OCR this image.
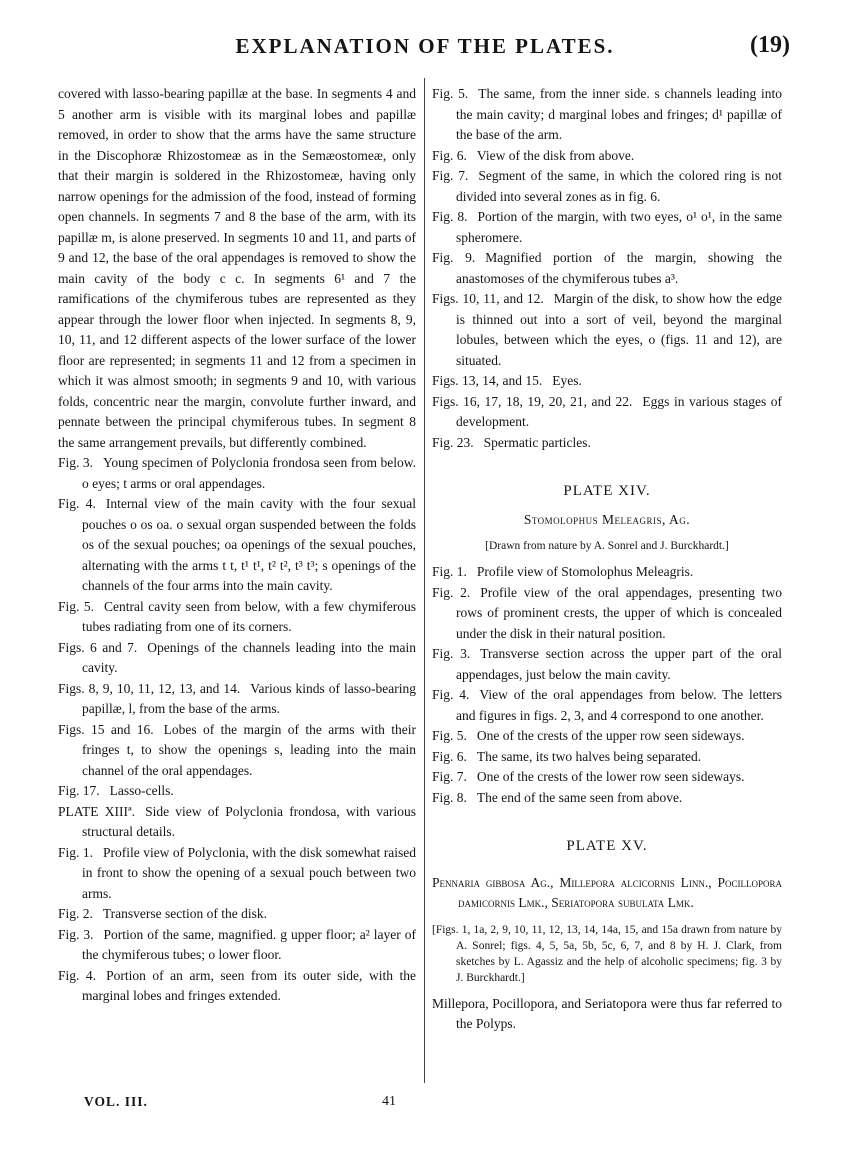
EXPLANATION OF THE PLATES.	(19)

covered with lasso-bearing papillæ at the base. In segments 4 and 5 another arm is visible with its marginal lobes and papillæ removed, in order to show that the arms have the same structure in the Discophoræ Rhizostomeæ as in the Semæostomeæ, only that their margin is soldered in the Rhizostomeæ, having only narrow openings for the admission of the food, instead of forming open channels. In segments 7 and 8 the base of the arm, with its papillæ m, is alone preserved. In segments 10 and 11, and parts of 9 and 12, the base of the oral appendages is removed to show the main cavity of the body c c. In segments 6¹ and 7 the ramifications of the chymiferous tubes are represented as they appear through the lower floor when injected. In segments 8, 9, 10, 11, and 12 different aspects of the lower surface of the lower floor are represented; in segments 11 and 12 from a specimen in which it was almost smooth; in segments 9 and 10, with various folds, concentric near the margin, convolute further inward, and pennate between the principal chymiferous tubes. In segment 8 the same arrangement prevails, but differently combined.

Fig. 3. Young specimen of Polyclonia frondosa seen from below. o eyes; t arms or oral appendages.

Fig. 4. Internal view of the main cavity with the four sexual pouches o os oa. o sexual organ suspended between the folds os of the sexual pouches; oa openings of the sexual pouches, alternating with the arms t t, t¹ t¹, t² t², t³ t³; s openings of the channels of the four arms into the main cavity.

Fig. 5. Central cavity seen from below, with a few chymiferous tubes radiating from one of its corners.

Figs. 6 and 7. Openings of the channels leading into the main cavity.

Figs. 8, 9, 10, 11, 12, 13, and 14. Various kinds of lasso-bearing papillæ, l, from the base of the arms.

Figs. 15 and 16. Lobes of the margin of the arms with their fringes t, to show the openings s, leading into the main channel of the oral appendages.

Fig. 17. Lasso-cells.

PLATE XIIIª. Side view of Polyclonia frondosa, with various structural details.

Fig. 1. Profile view of Polyclonia, with the disk somewhat raised in front to show the opening of a sexual pouch between two arms.

Fig. 2. Transverse section of the disk.

Fig. 3. Portion of the same, magnified. g upper floor; a² layer of the chymiferous tubes; o lower floor.

Fig. 4. Portion of an arm, seen from its outer side, with the marginal lobes and fringes extended.

Fig. 5. The same, from the inner side. s channels leading into the main cavity; d marginal lobes and fringes; d¹ papillæ of the base of the arm.

Fig. 6. View of the disk from above.

Fig. 7. Segment of the same, in which the colored ring is not divided into several zones as in fig. 6.

Fig. 8. Portion of the margin, with two eyes, o¹ o¹, in the same spheromere.

Fig. 9. Magnified portion of the margin, showing the anastomoses of the chymiferous tubes a³.

Figs. 10, 11, and 12. Margin of the disk, to show how the edge is thinned out into a sort of veil, beyond the marginal lobules, between which the eyes, o (figs. 11 and 12), are situated.

Figs. 13, 14, and 15. Eyes.

Figs. 16, 17, 18, 19, 20, 21, and 22. Eggs in various stages of development.

Fig. 23. Spermatic particles.

PLATE XIV.

Stomolophus Meleagris, Ag.

[Drawn from nature by A. Sonrel and J. Burckhardt.]

Fig. 1. Profile view of Stomolophus Meleagris.

Fig. 2. Profile view of the oral appendages, presenting two rows of prominent crests, the upper of which is concealed under the disk in their natural position.

Fig. 3. Transverse section across the upper part of the oral appendages, just below the main cavity.

Fig. 4. View of the oral appendages from below. The letters and figures in figs. 2, 3, and 4 correspond to one another.

Fig. 5. One of the crests of the upper row seen sideways.

Fig. 6. The same, its two halves being separated.

Fig. 7. One of the crests of the lower row seen sideways.

Fig. 8. The end of the same seen from above.

PLATE XV.

Pennaria gibbosa Ag., Millepora alcicornis Linn., Pocillopora damicornis Lmk., Seriatopora subulata Lmk.

[Figs. 1, 1a, 2, 9, 10, 11, 12, 13, 14, 14a, 15, and 15a drawn from nature by A. Sonrel; figs. 4, 5, 5a, 5b, 5c, 6, 7, and 8 by H. J. Clark, from sketches by L. Agassiz and the help of alcoholic specimens; fig. 3 by J. Burckhardt.]

Millepora, Pocillopora, and Seriatopora were thus far referred to the Polyps.

VOL. III.	41
